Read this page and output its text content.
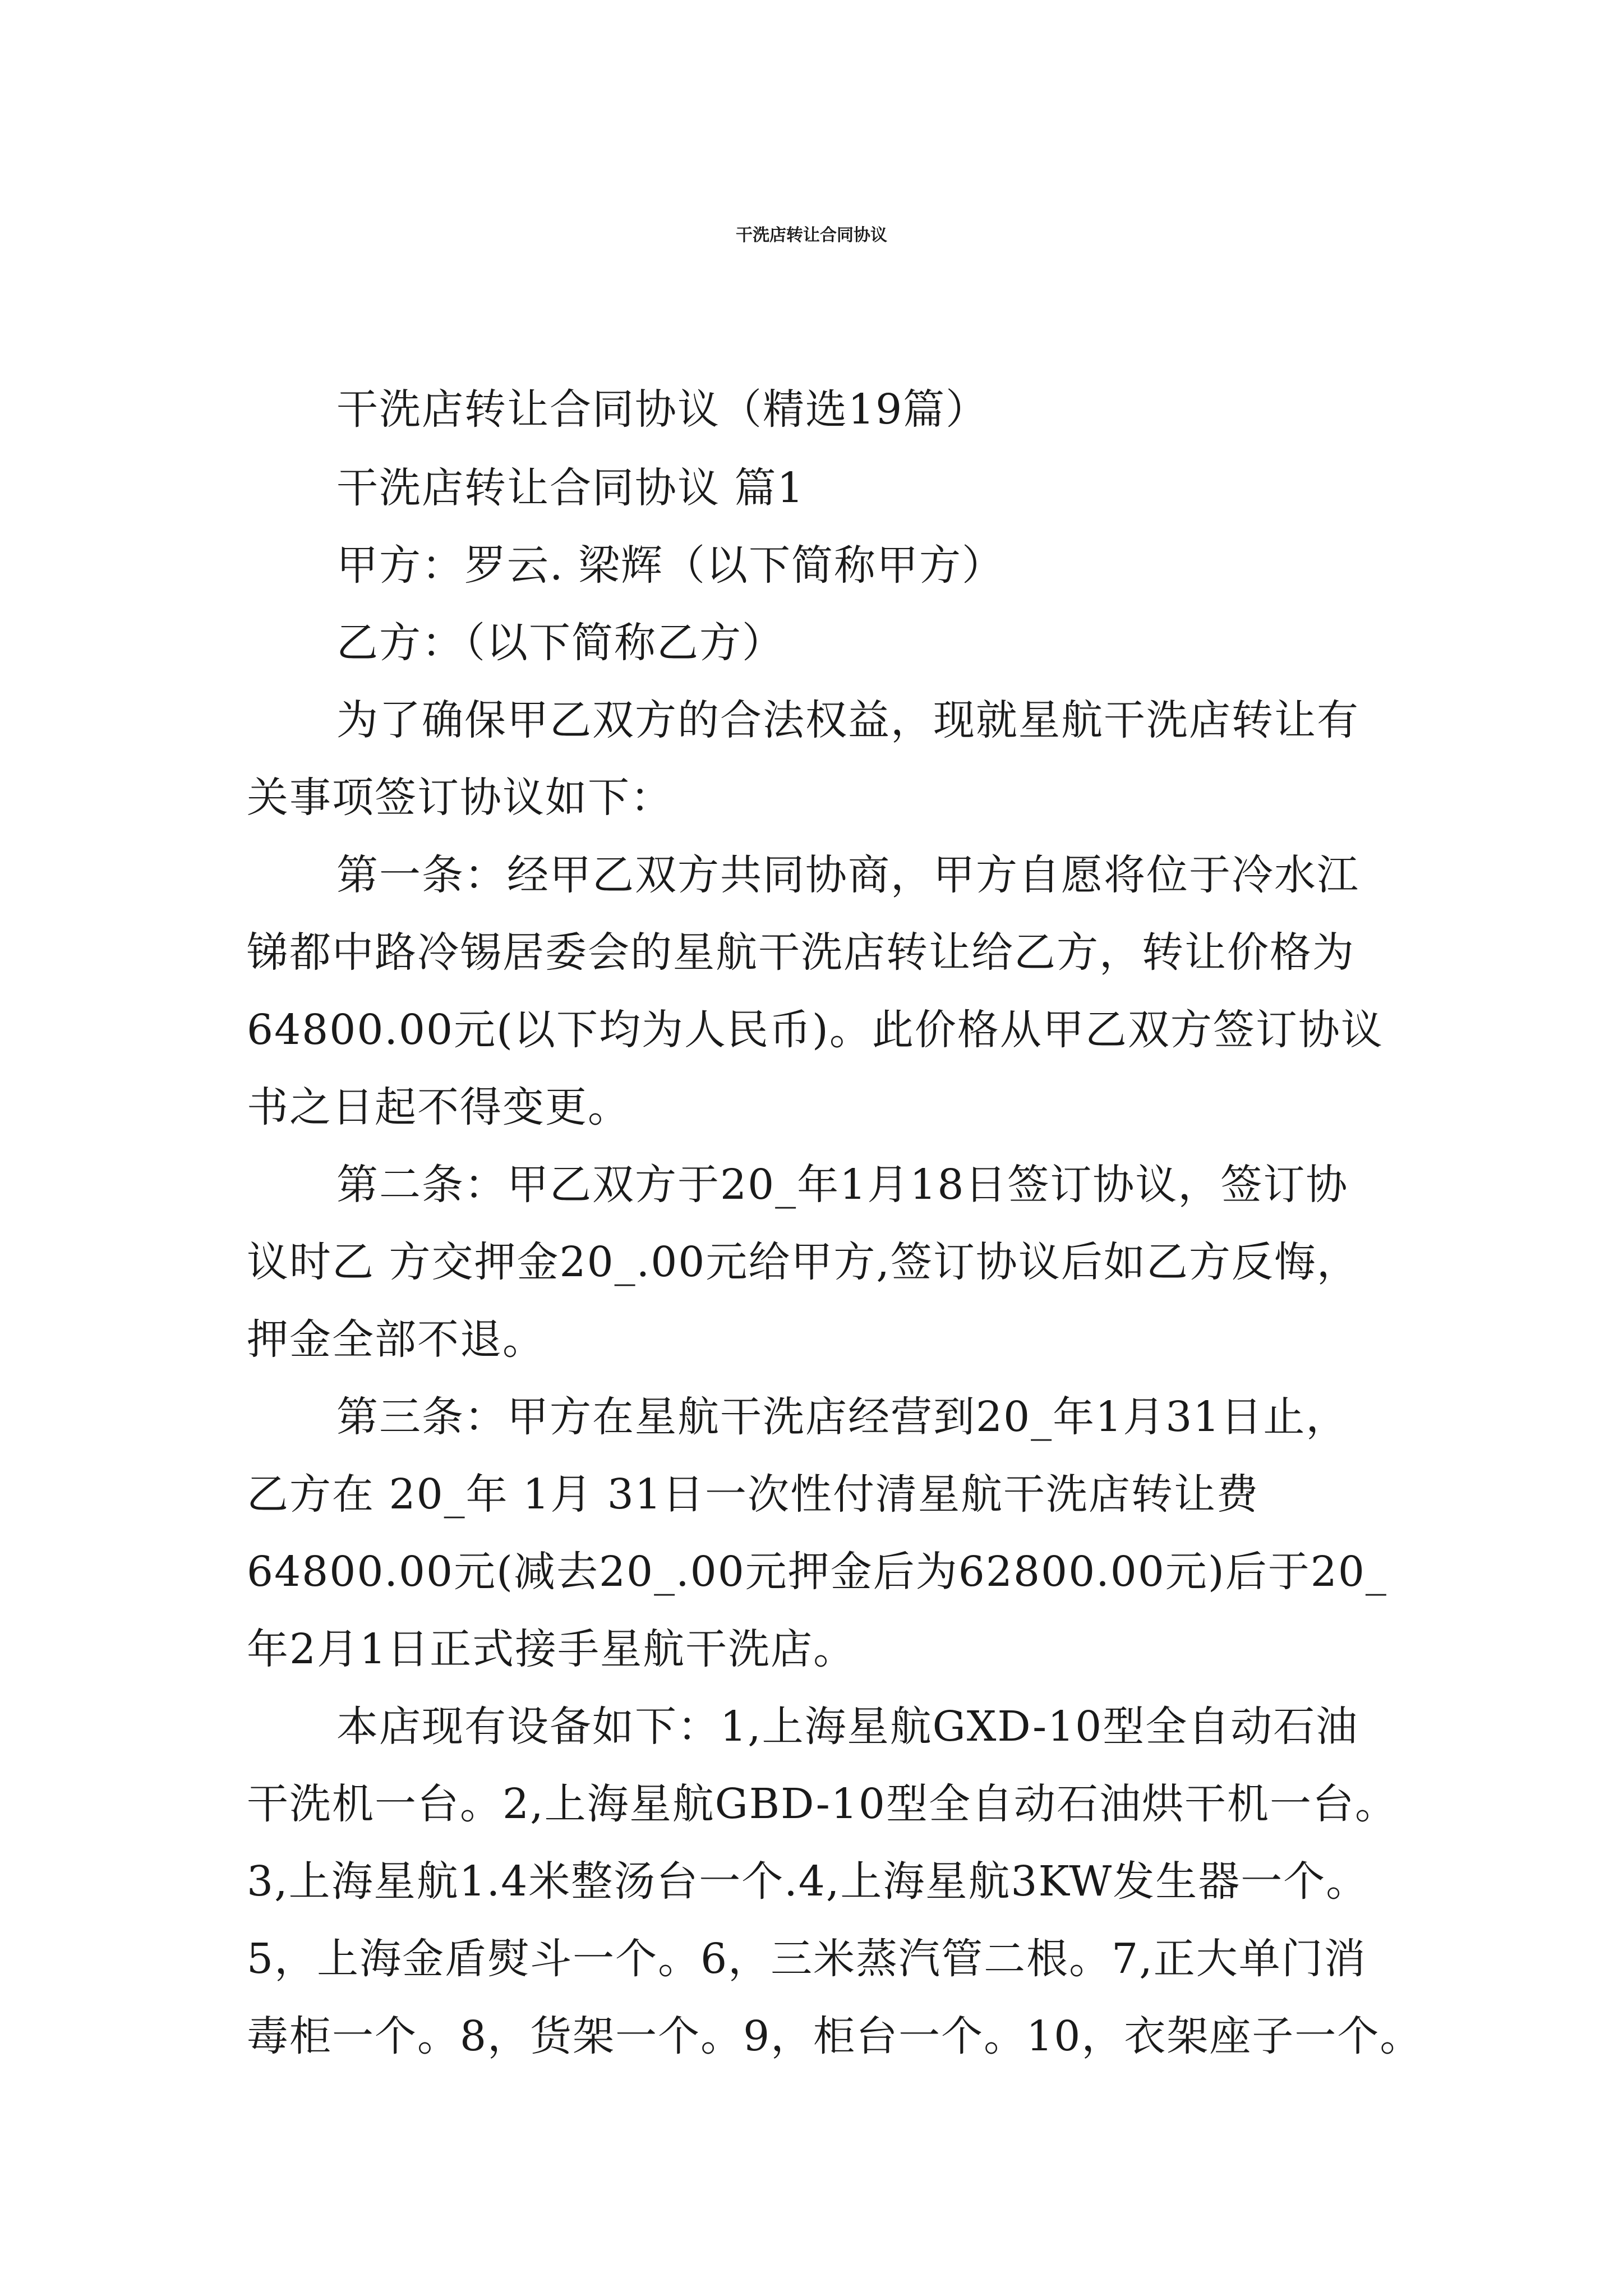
干洗店转让合同协议
干洗店转让合同协议（精选19篇）
干洗店转让合同协议 篇1
甲方：罗云. 梁辉（以下简称甲方）
乙方：（以下简称乙方）
为了确保甲乙双方的合法权益，现就星航干洗店转让有
关事项签订协议如下：
第一条：经甲乙双方共同协商，甲方自愿将位于冷水江
锑都中路冷锡居委会的星航干洗店转让给乙方，转让价格为
64800.00元(以下均为人民币)。此价格从甲乙双方签订协议
书之日起不得变更。
第二条：甲乙双方于20_年1月18日签订协议，签订协
议时乙 方交押金20_.00元给甲方,签订协议后如乙方反悔，
押金全部不退。
第三条：甲方在星航干洗店经营到20_年1月31日止，
乙方在 20_年 1月 31日一次性付清星航干洗店转让费
64800.00元(减去20_.00元押金后为62800.00元)后于20_
年2月1日正式接手星航干洗店。
本店现有设备如下：1,上海星航GXD-10型全自动石油
干洗机一台。2,上海星航GBD-10型全自动石油烘干机一台。
3,上海星航1.4米整汤台一个.4,上海星航3KW发生器一个。
5，上海金盾熨斗一个。6，三米蒸汽管二根。7,正大单门消
毒柜一个。8，货架一个。9，柜台一个。10，衣架座子一个。
